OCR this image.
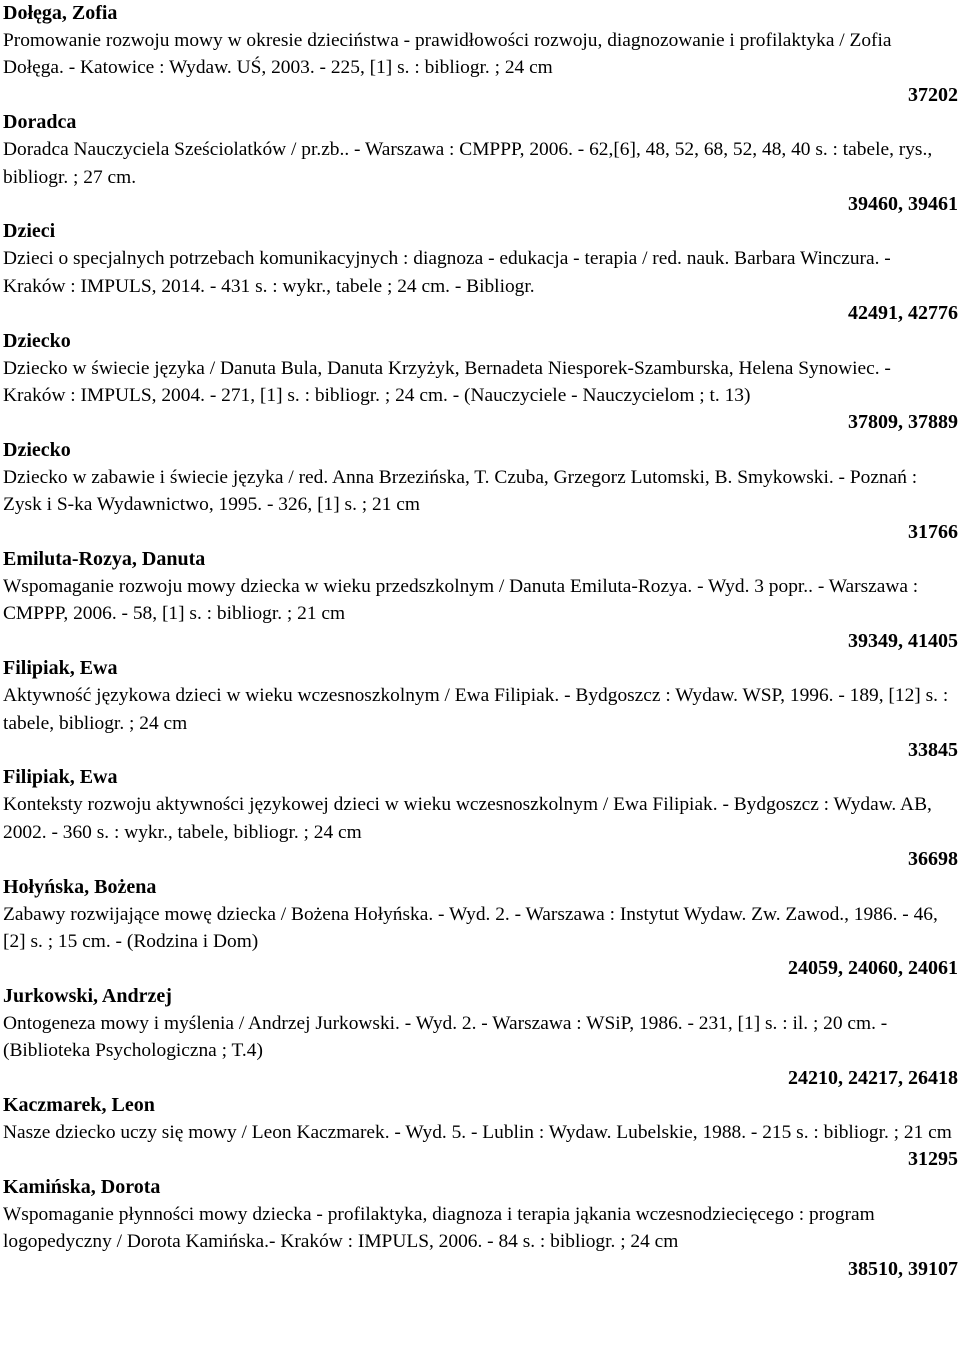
Dołęga, Zofia
Promowanie rozwoju mowy w okresie dzieciństwa - prawidłowości rozwoju, diagnozowanie i profilaktyka / Zofia Dołęga. - Katowice : Wydaw. UŚ, 2003. - 225, [1] s. : bibliogr. ; 24 cm
37202
Doradca
Doradca Nauczyciela Sześciolatków / pr.zb.. - Warszawa : CMPPP, 2006. - 62,[6], 48, 52, 68, 52, 48, 40 s. : tabele, rys., bibliogr. ; 27 cm.
39460, 39461
Dzieci
Dzieci o specjalnych potrzebach komunikacyjnych : diagnoza - edukacja - terapia / red. nauk. Barbara Winczura. - Kraków : IMPULS, 2014. - 431 s. : wykr., tabele ; 24 cm. - Bibliogr.
42491, 42776
Dziecko
Dziecko w świecie języka / Danuta Bula, Danuta Krzyżyk, Bernadeta Niesporek-Szamburska, Helena Synowiec. - Kraków : IMPULS, 2004. - 271, [1] s. : bibliogr. ; 24 cm. - (Nauczyciele - Nauczycielom ; t. 13)
37809, 37889
Dziecko
Dziecko w zabawie i świecie języka / red. Anna Brzezińska, T. Czuba, Grzegorz Lutomski, B. Smykowski. - Poznań : Zysk i S-ka Wydawnictwo, 1995. - 326, [1] s. ; 21 cm
31766
Emiluta-Rozya, Danuta
Wspomaganie rozwoju mowy dziecka w wieku przedszkolnym / Danuta Emiluta-Rozya. - Wyd. 3 popr.. - Warszawa : CMPPP, 2006. - 58, [1] s. : bibliogr. ; 21 cm
39349, 41405
Filipiak, Ewa
Aktywność językowa dzieci w wieku wczesnoszkolnym / Ewa Filipiak. - Bydgoszcz : Wydaw. WSP, 1996. - 189, [12] s. : tabele, bibliogr. ; 24 cm
33845
Filipiak, Ewa
Konteksty rozwoju aktywności językowej dzieci w wieku wczesnoszkolnym / Ewa Filipiak. - Bydgoszcz : Wydaw. AB, 2002. - 360 s. : wykr., tabele, bibliogr. ; 24 cm
36698
Hołyńska, Bożena
Zabawy rozwijające mowę dziecka / Bożena Hołyńska. - Wyd. 2. - Warszawa : Instytut Wydaw. Zw. Zawod., 1986. - 46, [2] s. ; 15 cm. - (Rodzina i Dom)
24059, 24060, 24061
Jurkowski, Andrzej
Ontogeneza mowy i myślenia / Andrzej Jurkowski. - Wyd. 2. - Warszawa : WSiP, 1986. - 231, [1] s. : il. ; 20 cm. - (Biblioteka Psychologiczna ; T.4)
24210, 24217, 26418
Kaczmarek, Leon
Nasze dziecko uczy się mowy / Leon Kaczmarek. - Wyd. 5. - Lublin : Wydaw. Lubelskie, 1988. - 215 s. : bibliogr. ; 21 cm
31295
Kamińska, Dorota
Wspomaganie płynności mowy dziecka - profilaktyka, diagnoza i terapia jąkania wczesnodziecięcego : program logopedyczny / Dorota Kamińska.- Kraków : IMPULS, 2006. - 84 s. : bibliogr. ; 24 cm
38510, 39107
